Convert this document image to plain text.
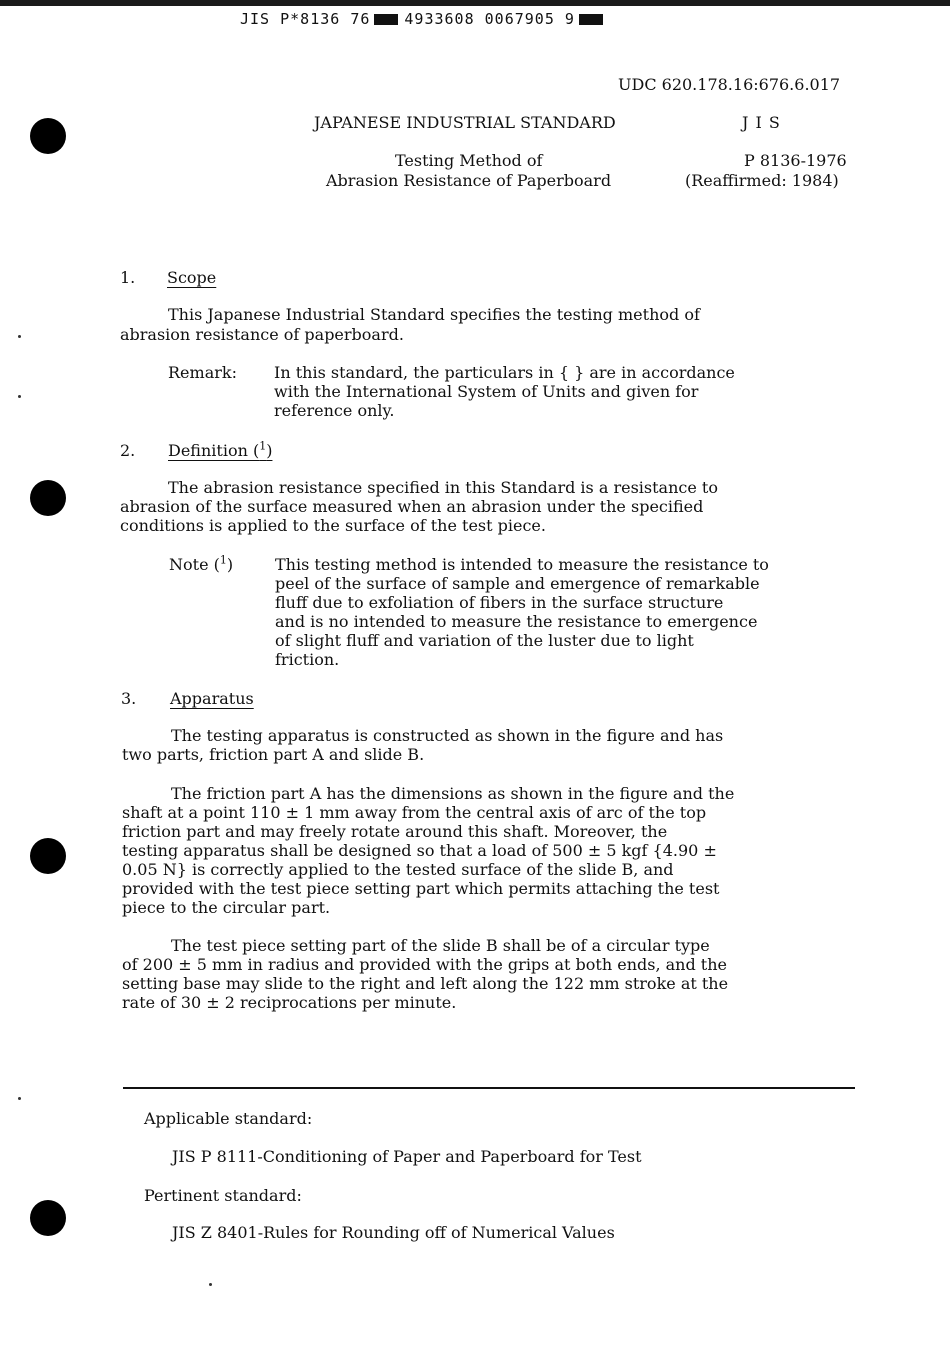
JIS P*8136 76 4933608 0067905 9
UDC 620.178.16:676.6.017
JAPANESE INDUSTRIAL STANDARD	J I S
Testing Method of
Abrasion Resistance of Paperboard
P 8136-1976
(Reaffirmed: 1984)
1. Scope
This Japanese Industrial Standard specifies the testing method of
abrasion resistance of paperboard.
Remark: In this standard, the particulars in { } are in accordance
with the International System of Units and given for
reference only.
2. Definition ($^1$)
The abrasion resistance specified in this Standard is a resistance to
abrasion of the surface measured when an abrasion under the specified
conditions is applied to the surface of the test piece.
Note ($^1$)	This testing method is intended to measure the resistance to
peel of the surface of sample and emergence of remarkable
fluff due to exfoliation of fibers in the surface structure
and is no intended to measure the resistance to emergence
of slight fluff and variation of the luster due to light
friction.
3. Apparatus
The testing apparatus is constructed as shown in the figure and has
two parts, friction part A and slide B.
The friction part A has the dimensions as shown in the figure and the
shaft at a point 110 ± 1 mm away from the central axis of arc of the top
friction part and may freely rotate around this shaft. Moreover, the
testing apparatus shall be designed so that a load of 500 ± 5 kgf {4.90 ±
0.05 N} is correctly applied to the tested surface of the slide B, and
provided with the test piece setting part which permits attaching the test
piece to the circular part.
The test piece setting part of the slide B shall be of a circular type
of 200 ± 5 mm in radius and provided with the grips at both ends, and the
setting base may slide to the right and left along the 122 mm stroke at the
rate of 30 ± 2 reciprocations per minute.
Applicable standard:
JIS P 8111-Conditioning of Paper and Paperboard for Test
Pertinent standard:
JIS Z 8401-Rules for Rounding off of Numerical Values
